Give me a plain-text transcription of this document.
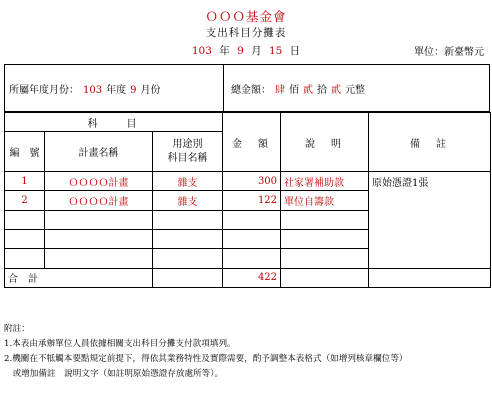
ＯＯＯ基金會
支出科目分攤表
103 年 9 月 15 日	單位：新臺幣元
所屬年度月份： 103 年度 9 月份	總金額： 肆 佰 貳 拾 貳 元整
科　　目			金　額	說　明	備　註
編　號	計畫名稱	用途別
科目名稱			

1	ＯＯＯＯ計畫	雜支	300	社家署補助款	原始憑證1張
2	ＯＯＯＯ計畫	雜支	122	單位自籌款	

合　計			422		
附註：
1.本表由承辦單位人員依據相關支出科目分攤支付款項填列。
2.機關在不牴觸本要點規定前提下，得依其業務特性及實際需要，酌予調整本表格式（如增列核章欄位等）
　或增加備註　說明文字（如註明原始憑證存放處所等）。
